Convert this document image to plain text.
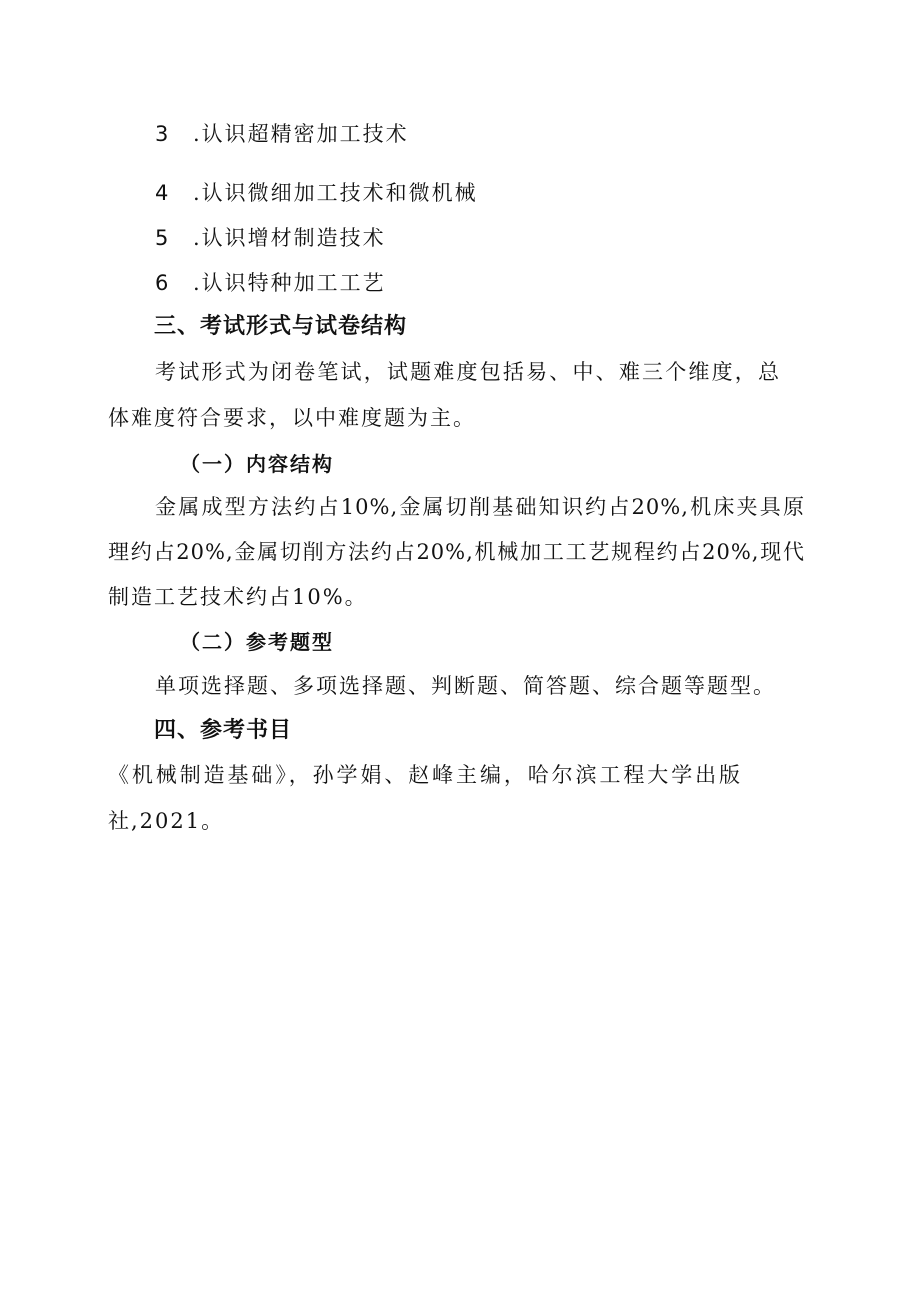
3 .认识超精密加工技术
4 .认识微细加工技术和微机械
5 .认识增材制造技术
6 .认识特种加工工艺
三、考试形式与试卷结构
考试形式为闭卷笔试，试题难度包括易、中、难三个维度，总
体难度符合要求，以中难度题为主。
（一）内容结构
金属成型方法约占10%,金属切削基础知识约占20%,机床夹具原
理约占20%,金属切削方法约占20%,机械加工工艺规程约占20%,现代
制造工艺技术约占10%。
（二）参考题型
单项选择题、多项选择题、判断题、简答题、综合题等题型。
四、参考书目
《机械制造基础》，孙学娟、赵峰主编，哈尔滨工程大学出版
社,2021。
